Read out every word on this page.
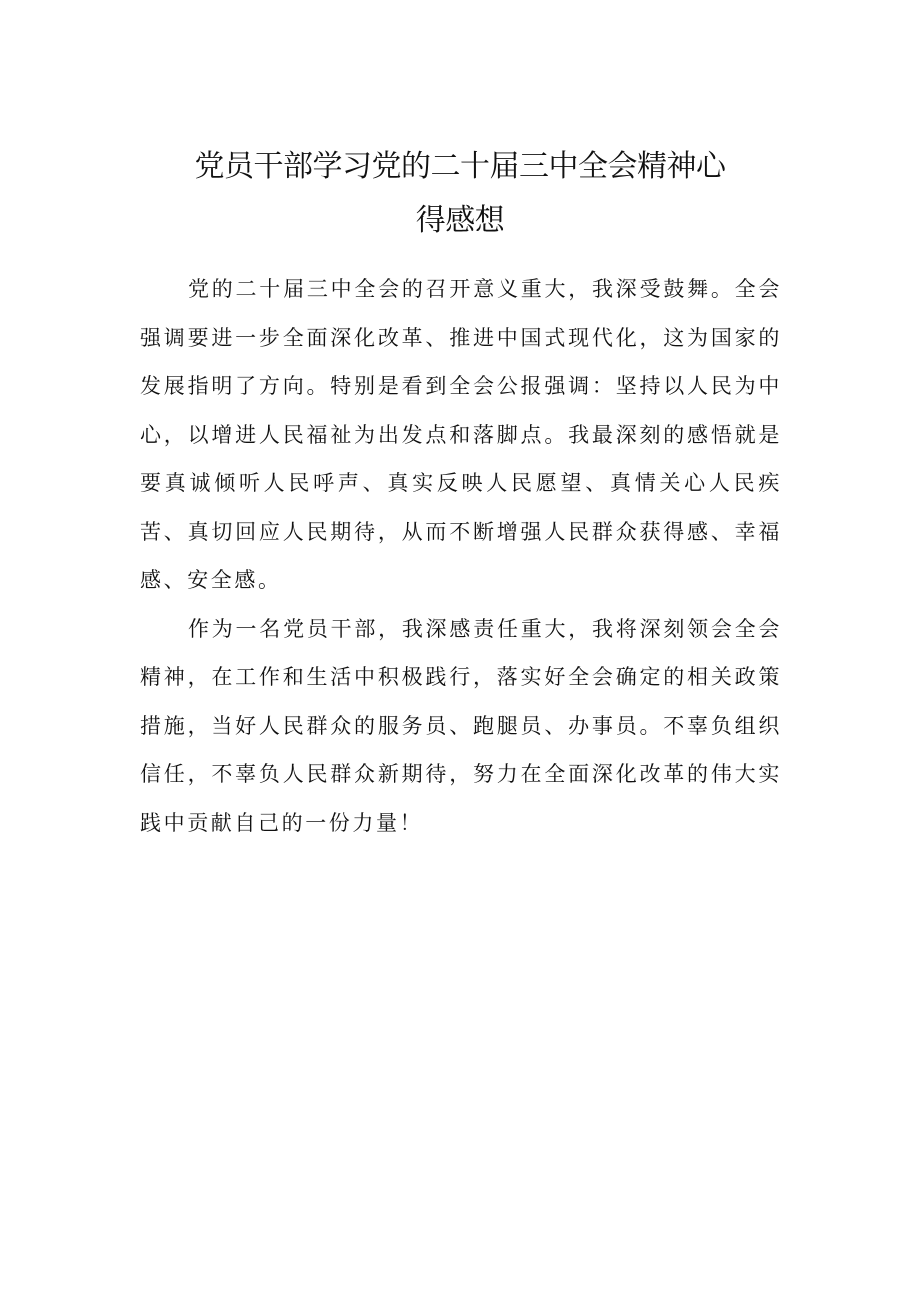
党员干部学习党的二十届三中全会精神心
得感想

党的二十届三中全会的召开意义重大，我深受鼓舞。全会强调要进一步全面深化改革、推进中国式现代化，这为国家的发展指明了方向。特别是看到全会公报强调：坚持以人民为中心，以增进人民福祉为出发点和落脚点。我最深刻的感悟就是要真诚倾听人民呼声、真实反映人民愿望、真情关心人民疾苦、真切回应人民期待，从而不断增强人民群众获得感、幸福感、安全感。

作为一名党员干部，我深感责任重大，我将深刻领会全会精神，在工作和生活中积极践行，落实好全会确定的相关政策措施，当好人民群众的服务员、跑腿员、办事员。不辜负组织信任，不辜负人民群众新期待，努力在全面深化改革的伟大实践中贡献自己的一份力量！
